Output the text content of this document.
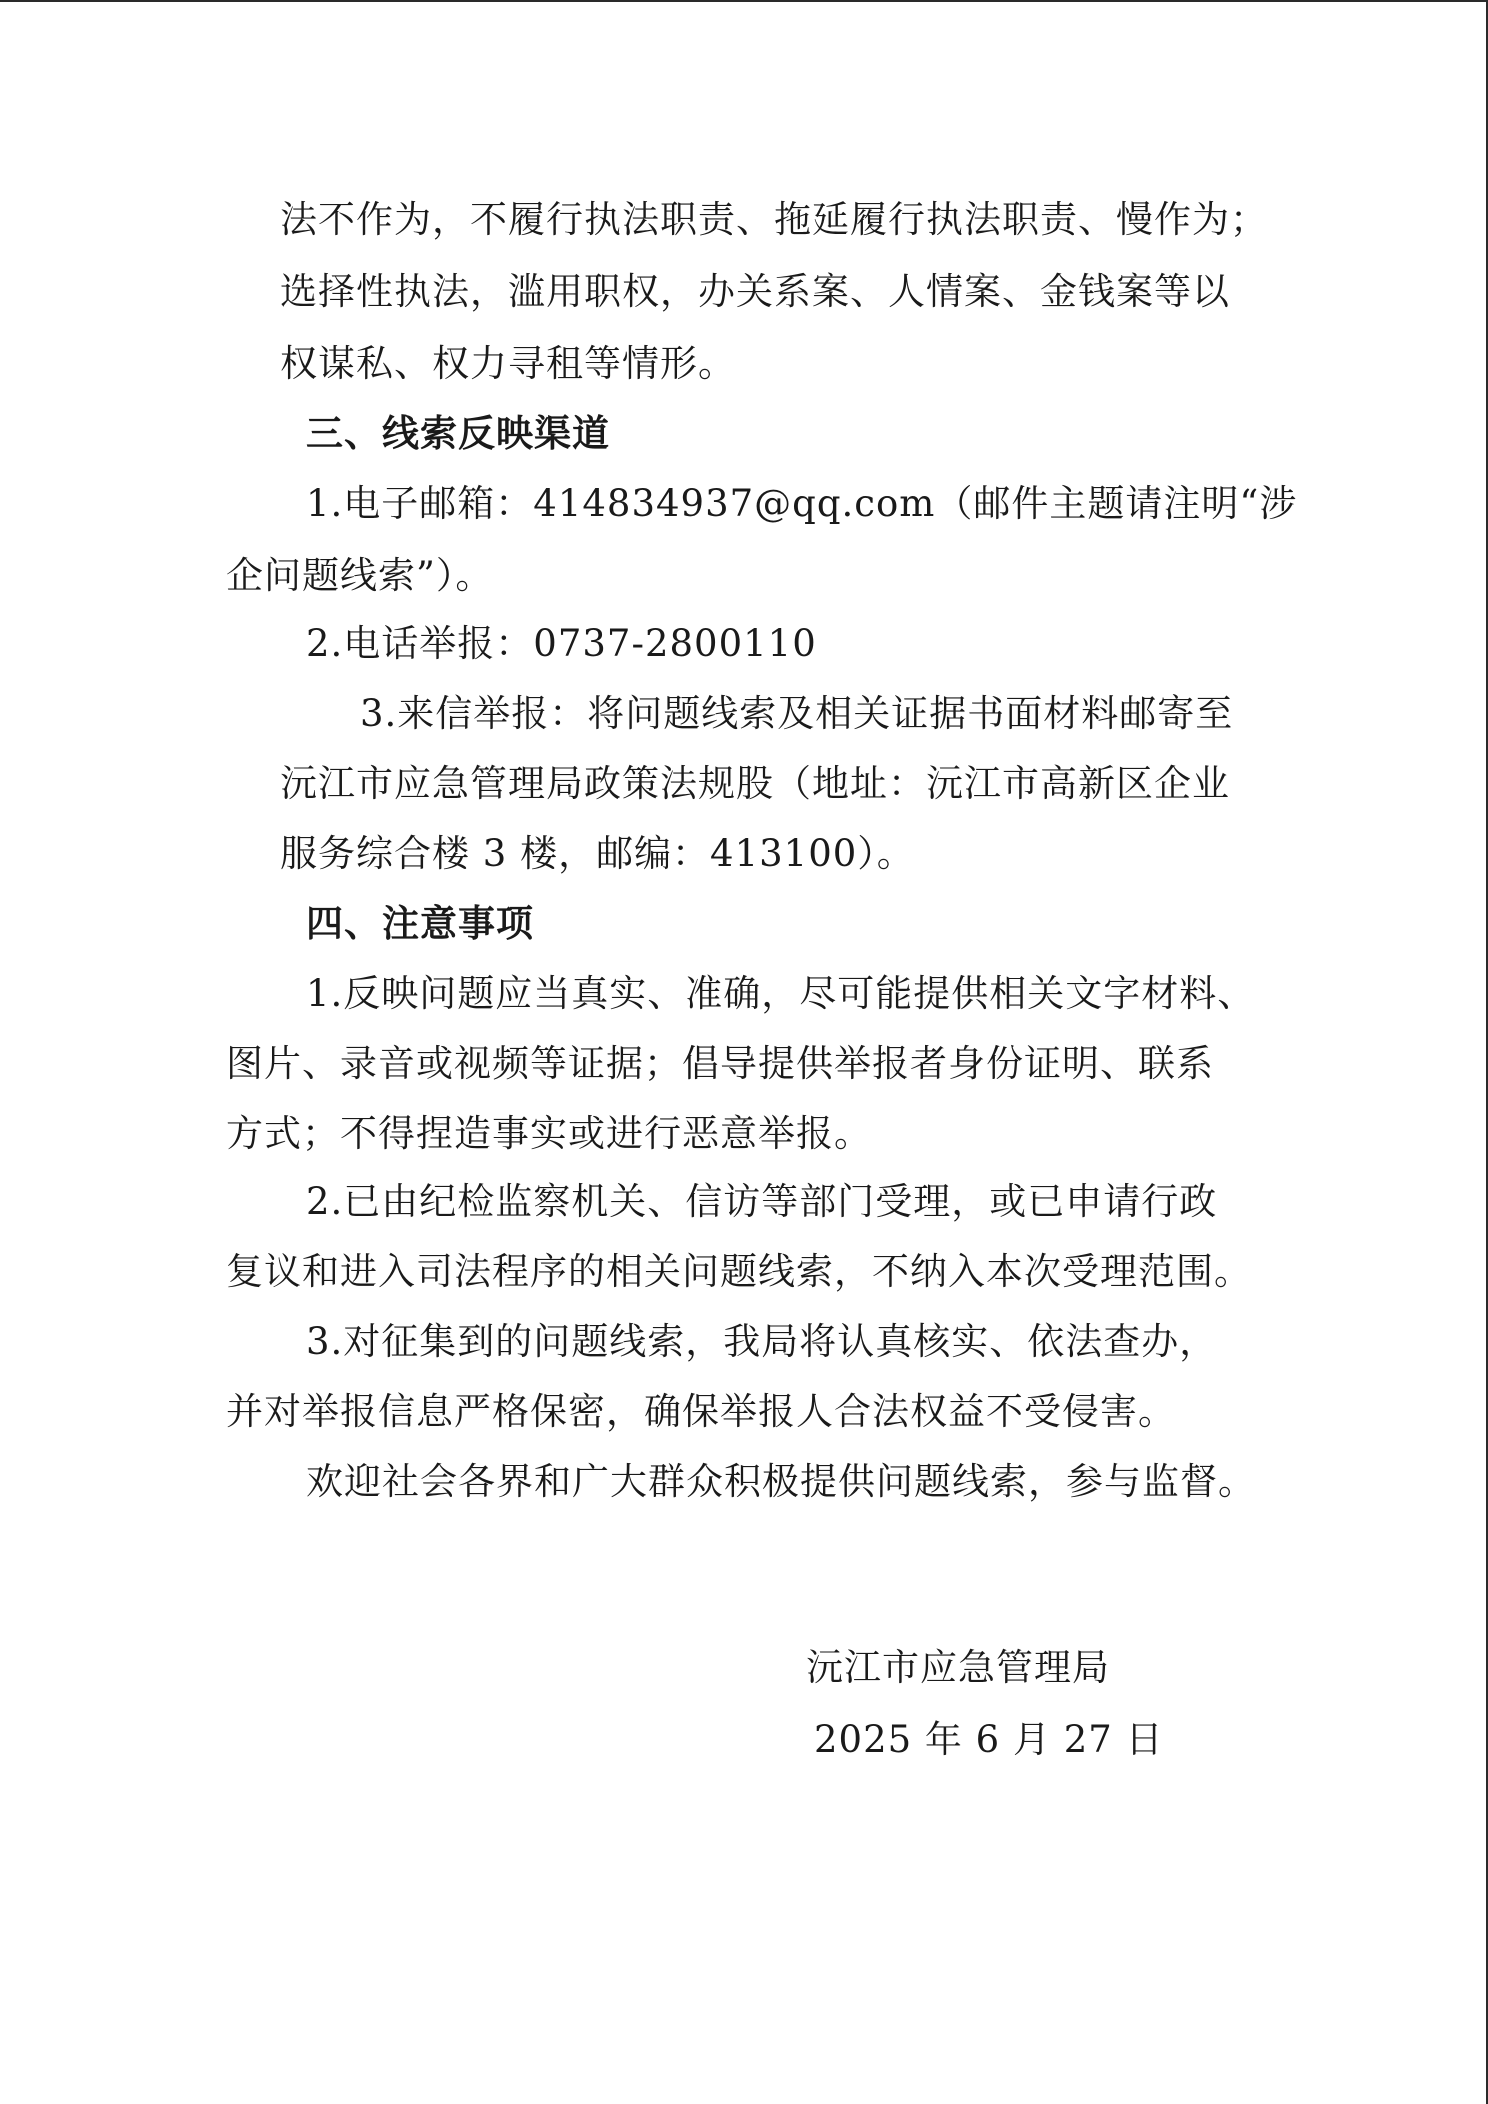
法不作为，不履行执法职责、拖延履行执法职责、慢作为；
选择性执法，滥用职权，办关系案、人情案、金钱案等以
权谋私、权力寻租等情形。
三、线索反映渠道
1.电子邮箱：414834937@qq.com（邮件主题请注明“涉
企问题线索”）。
2.电话举报：0737-2800110
3.来信举报：将问题线索及相关证据书面材料邮寄至
沅江市应急管理局政策法规股（地址：沅江市高新区企业
服务综合楼 3 楼，邮编：413100）。
四、注意事项
1.反映问题应当真实、准确，尽可能提供相关文字材料、
图片、录音或视频等证据；倡导提供举报者身份证明、联系
方式；不得捏造事实或进行恶意举报。
2.已由纪检监察机关、信访等部门受理，或已申请行政
复议和进入司法程序的相关问题线索，不纳入本次受理范围。
3.对征集到的问题线索，我局将认真核实、依法查办，
并对举报信息严格保密，确保举报人合法权益不受侵害。
欢迎社会各界和广大群众积极提供问题线索，参与监督。
沅江市应急管理局
2025 年 6 月 27 日
